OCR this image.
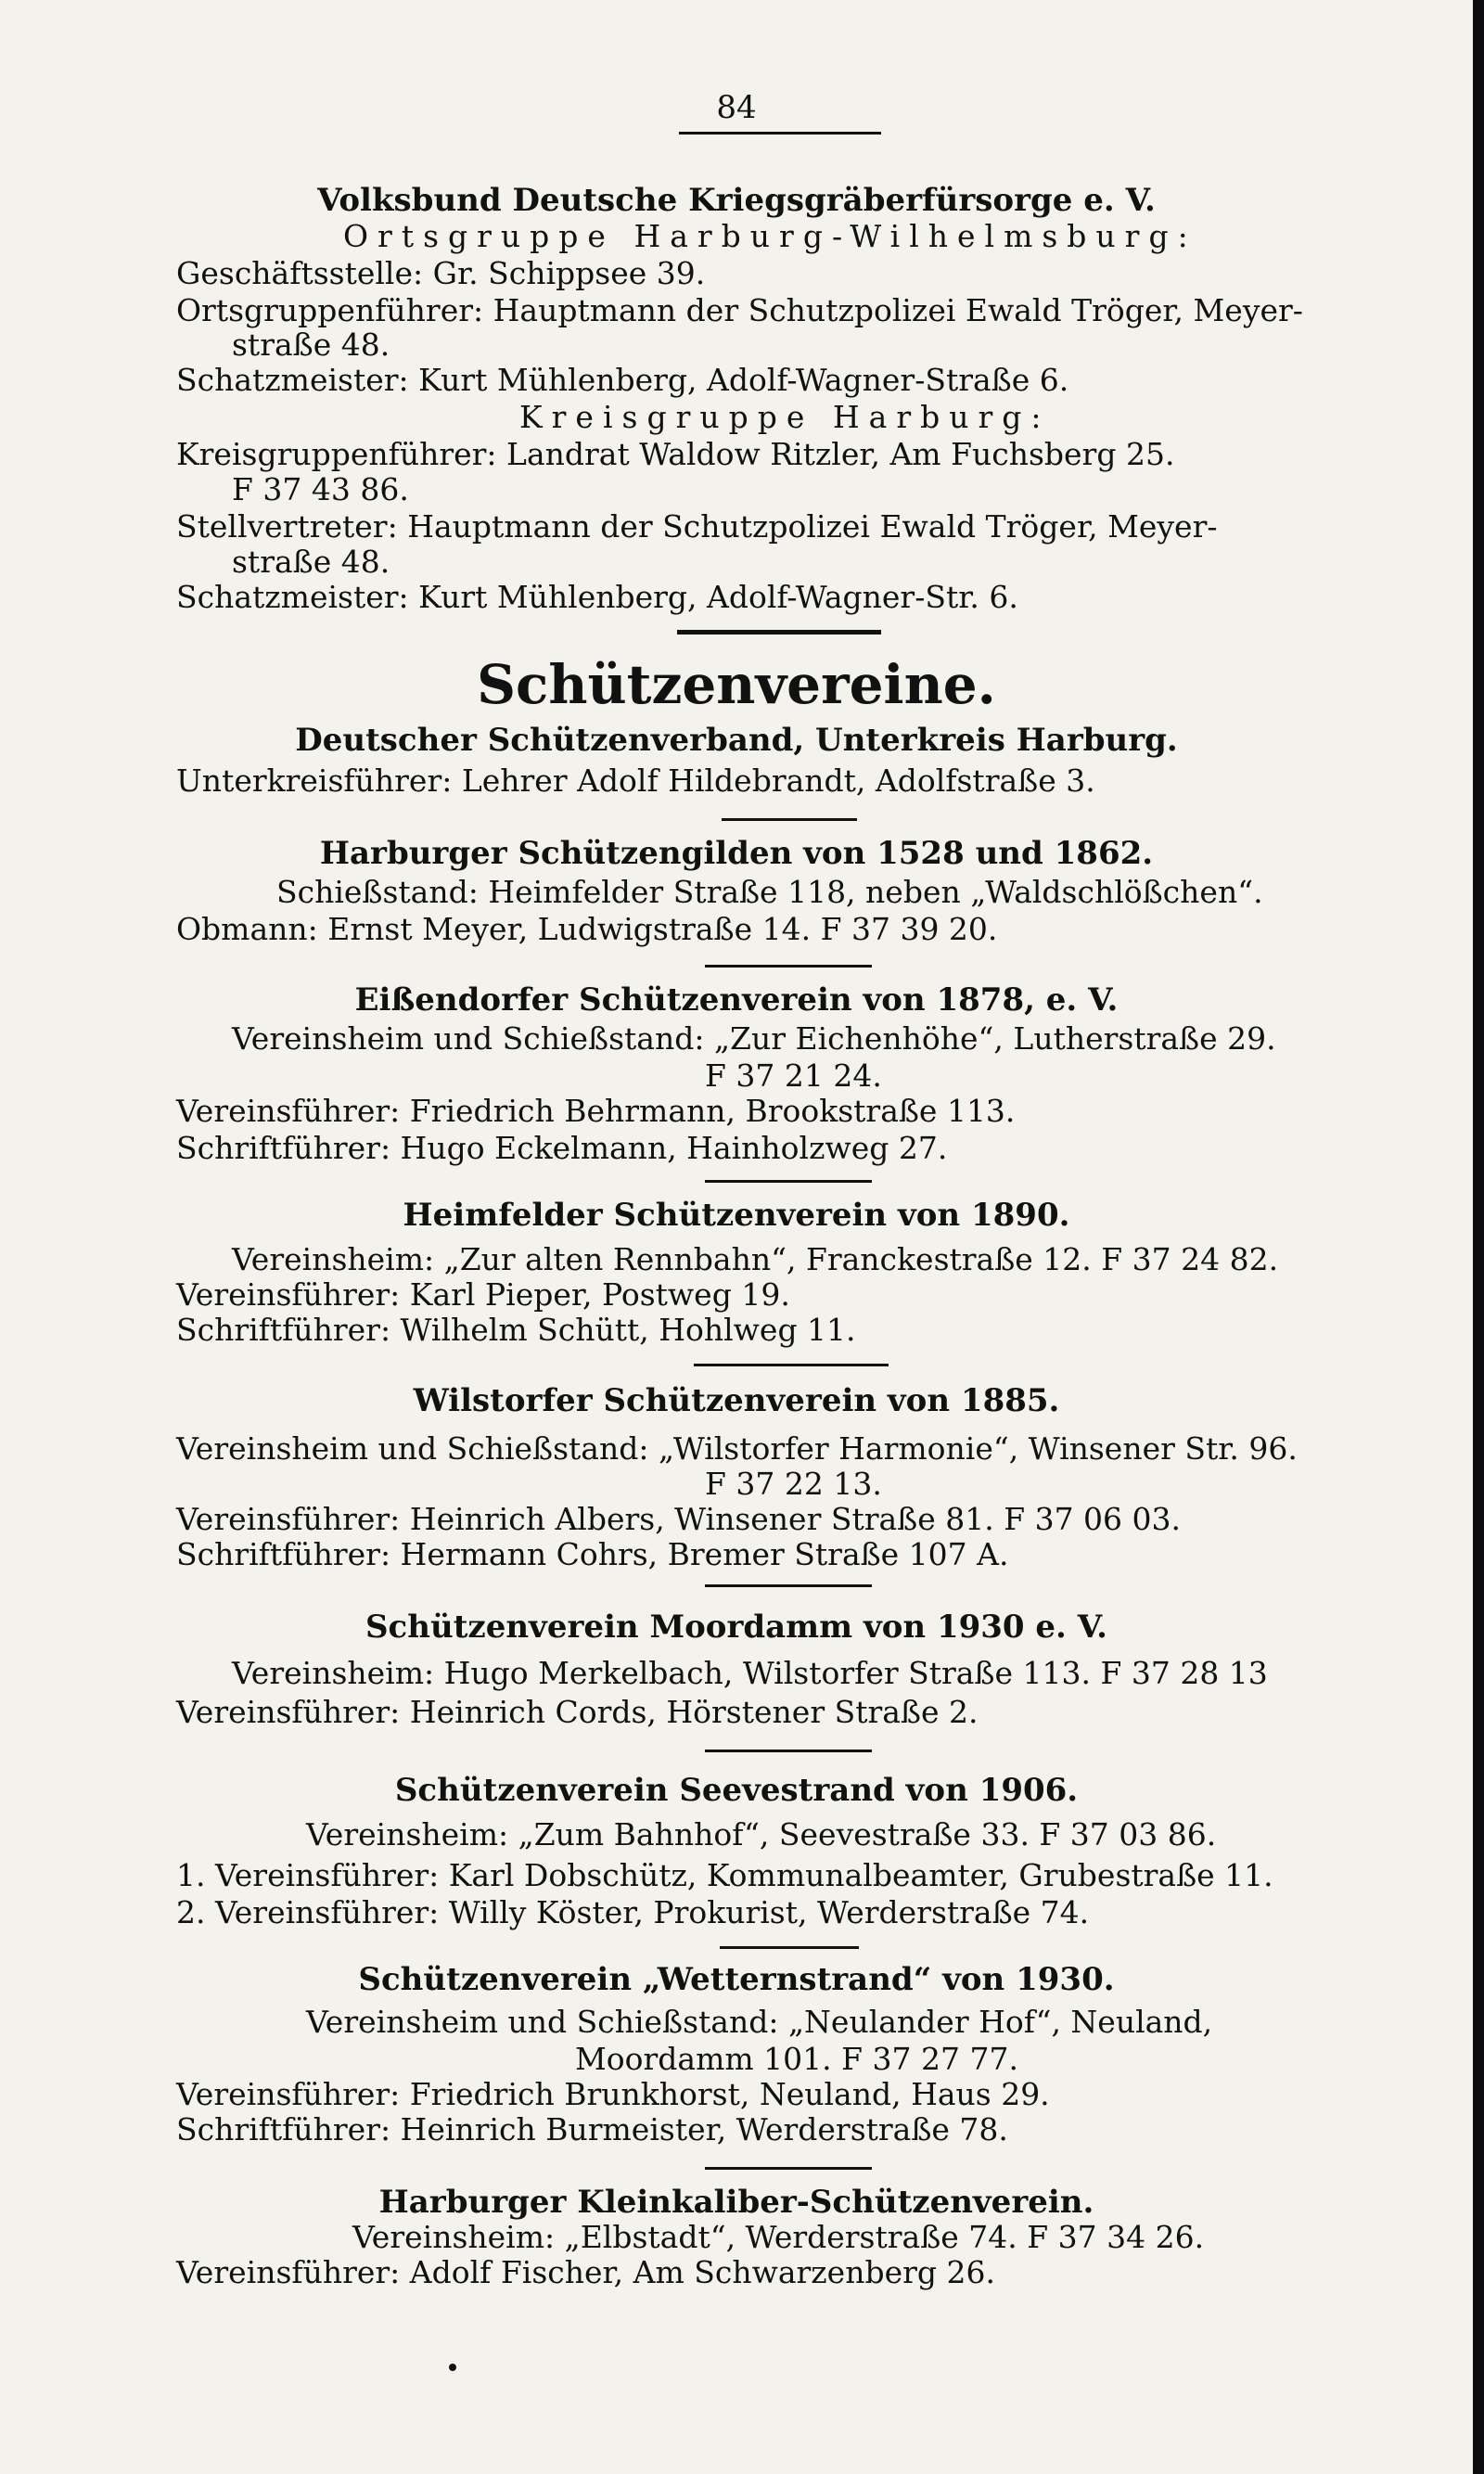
84
Volksbund Deutsche Kriegsgräberfürsorge e. V.
Ortsgruppe Harburg-Wilhelmsburg:
Geschäftsstelle: Gr. Schippsee 39.
Ortsgruppenführer: Hauptmann der Schutzpolizei Ewald Tröger, Meyer-
straße 48.
Schatzmeister: Kurt Mühlenberg, Adolf-Wagner-Straße 6.
Kreisgruppe Harburg:
Kreisgruppenführer: Landrat Waldow Ritzler, Am Fuchsberg 25.
F 37 43 86.
Stellvertreter: Hauptmann der Schutzpolizei Ewald Tröger, Meyer-
straße 48.
Schatzmeister: Kurt Mühlenberg, Adolf-Wagner-Str. 6.
Schützenvereine.
Deutscher Schützenverband, Unterkreis Harburg.
Unterkreisführer: Lehrer Adolf Hildebrandt, Adolfstraße 3.
Harburger Schützengilden von 1528 und 1862.
Schießstand: Heimfelder Straße 118, neben „Waldschlößchen“.
Obmann: Ernst Meyer, Ludwigstraße 14. F 37 39 20.
Eißendorfer Schützenverein von 1878, e. V.
Vereinsheim und Schießstand: „Zur Eichenhöhe“, Lutherstraße 29.
F 37 21 24.
Vereinsführer: Friedrich Behrmann, Brookstraße 113.
Schriftführer: Hugo Eckelmann, Hainholzweg 27.
Heimfelder Schützenverein von 1890.
Vereinsheim: „Zur alten Rennbahn“, Franckestraße 12. F 37 24 82.
Vereinsführer: Karl Pieper, Postweg 19.
Schriftführer: Wilhelm Schütt, Hohlweg 11.
Wilstorfer Schützenverein von 1885.
Vereinsheim und Schießstand: „Wilstorfer Harmonie“, Winsener Str. 96.
F 37 22 13.
Vereinsführer: Heinrich Albers, Winsener Straße 81. F 37 06 03.
Schriftführer: Hermann Cohrs, Bremer Straße 107 A.
Schützenverein Moordamm von 1930 e. V.
Vereinsheim: Hugo Merkelbach, Wilstorfer Straße 113. F 37 28 13
Vereinsführer: Heinrich Cords, Hörstener Straße 2.
Schützenverein Seevestrand von 1906.
Vereinsheim: „Zum Bahnhof“, Seevestraße 33. F 37 03 86.
1. Vereinsführer: Karl Dobschütz, Kommunalbeamter, Grubestraße 11.
2. Vereinsführer: Willy Köster, Prokurist, Werderstraße 74.
Schützenverein „Wetternstrand“ von 1930.
Vereinsheim und Schießstand: „Neulander Hof“, Neuland,
Moordamm 101. F 37 27 77.
Vereinsführer: Friedrich Brunkhorst, Neuland, Haus 29.
Schriftführer: Heinrich Burmeister, Werderstraße 78.
Harburger Kleinkaliber-Schützenverein.
Vereinsheim: „Elbstadt“, Werderstraße 74. F 37 34 26.
Vereinsführer: Adolf Fischer, Am Schwarzenberg 26.
